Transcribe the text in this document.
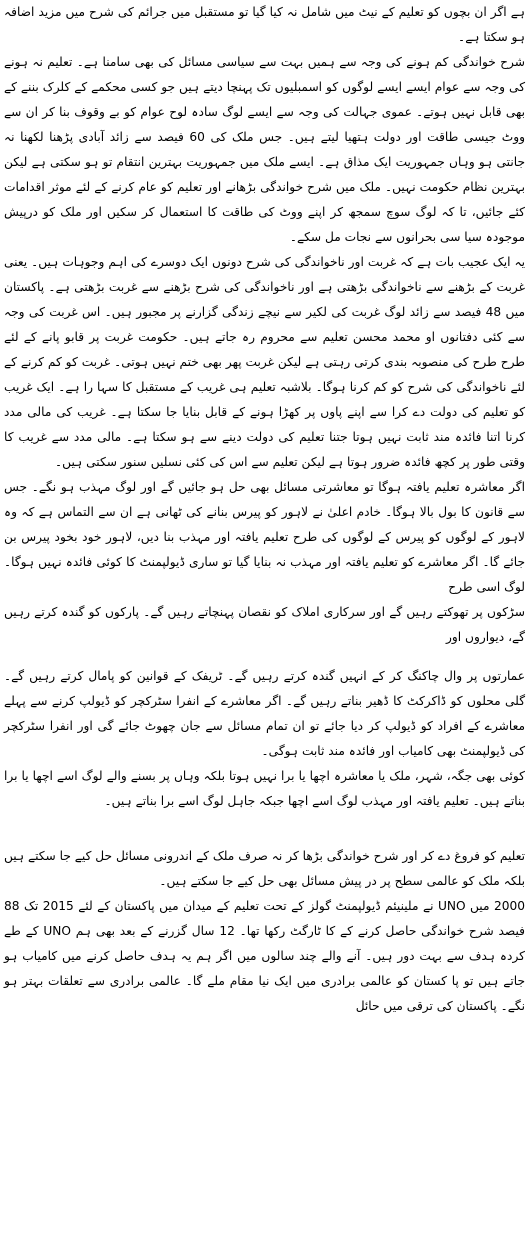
ہے اگر ان بچوں کو تعلیم کے نیٹ میں شامل نہ کیا گیا تو مستقبل میں جرائم کی شرح میں مزید اضافہ ہو سکتا ہے۔

شرح خواندگی کم ہونے کی وجہ سے ہمیں بہت سے سیاسی مسائل کی بھی سامنا ہے۔ تعلیم نہ ہونے کی وجہ سے عوام ایسے ایسے لوگوں کو اسمبلیوں تک پہنچا دیتے ہیں جو کسی محکمے کے کلرک بننے کے بھی قابل نہیں ہوتے۔ عموی جہالت کی وجہ سے ایسے لوگ سادہ لوح عوام کو بے وقوف بنا کر ان سے ووٹ جیسی طاقت اور دولت ہتھیا لیتے ہیں۔ جس ملک کی 60 فیصد سے زائد آبادی پڑھنا لکھنا نہ جانتی ہو وہاں جمہوریت ایک مذاق ہے۔ ایسے ملک میں جمہوریت بہترین انتقام تو ہو سکتی ہے لیکن بہترین نظام حکومت نہیں۔ ملک میں شرح خواندگی بڑھانے اور تعلیم کو عام کرنے کے لئے موثر اقدامات کئے جائیں، تا کہ لوگ سوچ سمجھ کر اپنے ووٹ کی طاقت کا استعمال کر سکیں اور ملک کو درپیش موجودہ سیا سی بحرانوں سے نجات مل سکے۔

یہ ایک عجیب بات ہے کہ غربت اور ناخواندگی کی شرح دونوں ایک دوسرے کی اہم وجوہات ہیں۔ یعنی غربت کے بڑھنے سے ناخواندگی بڑھتی ہے اور ناخواندگی کی شرح بڑھنے سے غربت بڑھتی ہے۔ پاکستان میں 48 فیصد سے زائد لوگ غربت کی لکیر سے نیچے زندگی گزارنے پر مجبور ہیں۔ اس غربت کی وجہ سے کئی دفتانوں او محمد محسن تعلیم سے محروم رہ جاتے ہیں۔ حکومت غربت پر قابو پانے کے لئے طرح طرح کی منصوبہ بندی کرتی رہتی ہے لیکن غربت پھر بھی ختم نہیں ہوتی۔ غربت کو کم کرنے کے لئے ناخواندگی کی شرح کو کم کرنا ہوگا۔ بلاشبہ تعلیم ہی غریب کے مستقبل کا سہا را ہے۔ ایک غریب کو تعلیم کی دولت دے کرا سے اپنے پاوں پر کھڑا ہونے کے قابل بنایا جا سکتا ہے۔ غریب کی مالی مدد کرنا اتنا فائدہ مند ثابت نہیں ہوتا جتنا تعلیم کی دولت دینے سے ہو سکتا ہے۔ مالی مدد سے غریب کا وقتی طور پر کچھ فائدہ ضرور ہوتا ہے لیکن تعلیم سے اس کی کئی نسلیں سنور سکتی ہیں۔

اگر معاشرہ تعلیم یافتہ ہوگا تو معاشرتی مسائل بھی حل ہو جائیں گے اور لوگ مہذب ہو نگے۔ جس سے قانون کا بول بالا ہوگا۔ خادم اعلیٰ نے لاہور کو پیرس بنانے کی ٹھانی ہے ان سے التماس ہے کہ وہ لاہور کے لوگوں کو پیرس کے لوگوں کی طرح تعلیم یافتہ اور مہذب بنا دیں، لاہور خود بخود پیرس بن جائے گا۔ اگر معاشرے کو تعلیم یافتہ اور مہذب نہ بنایا گیا تو ساری ڈیولپمنٹ کا کوئی فائدہ نہیں ہوگا۔ لوگ اسی طرح

سڑکوں پر تھوکتے رہیں گے اور سرکاری املاک کو نقصان پہنچاتے رہیں گے۔ پارکوں کو گندہ کرتے رہیں گے، دیواروں اور

عمارتوں پر وال چاکنگ کر کے انہیں گندہ کرتے رہیں گے۔ ٹریفک کے قوانین کو پامال کرتے رہیں گے۔ گلی محلوں کو ڈاکرکٹ کا ڈھیر بناتے رہیں گے۔ اگر معاشرے کے انفرا سٹرکچر کو ڈیولپ کرنے سے پہلے معاشرے کے افراد کو ڈیولپ کر دیا جائے تو ان تمام مسائل سے جان چھوٹ جائے گی اور انفرا سٹرکچر کی ڈیولپمنٹ بھی کامیاب اور فائدہ مند ثابت ہوگی۔

کوئی بھی جگہ، شہر، ملک یا معاشرہ اچھا یا برا نہیں ہوتا بلکہ وہاں پر بسنے والے لوگ اسے اچھا یا برا بناتے ہیں۔ تعلیم یافتہ اور مہذب لوگ اسے اچھا جبکہ جاہل لوگ اسے برا بناتے ہیں۔

تعلیم کو فروغ دے کر اور شرح خواندگی بڑھا کر نہ صرف ملک کے اندرونی مسائل حل کیے جا سکتے ہیں بلکہ ملک کو عالمی سطح پر در پیش مسائل بھی حل کیے جا سکتے ہیں۔

2000 میں UNO نے ملینیئم ڈیولپمنٹ گولز کے تحت تعلیم کے میدان میں پاکستان کے لئے 2015 تک 88 فیصد شرح خواندگی حاصل کرنے کے کا ٹارگٹ رکھا تھا۔ 12 سال گزرنے کے بعد بھی ہم UNO کے طے کردہ ہدف سے بہت دور ہیں۔ آنے والے چند سالوں میں اگر ہم یہ ہدف حاصل کرنے میں کامیاب ہو جاتے ہیں تو پا کستان کو عالمی برادری میں ایک نیا مقام ملے گا۔ عالمی برادری سے تعلقات بہتر ہو نگے۔ پاکستان کی ترقی میں حائل
